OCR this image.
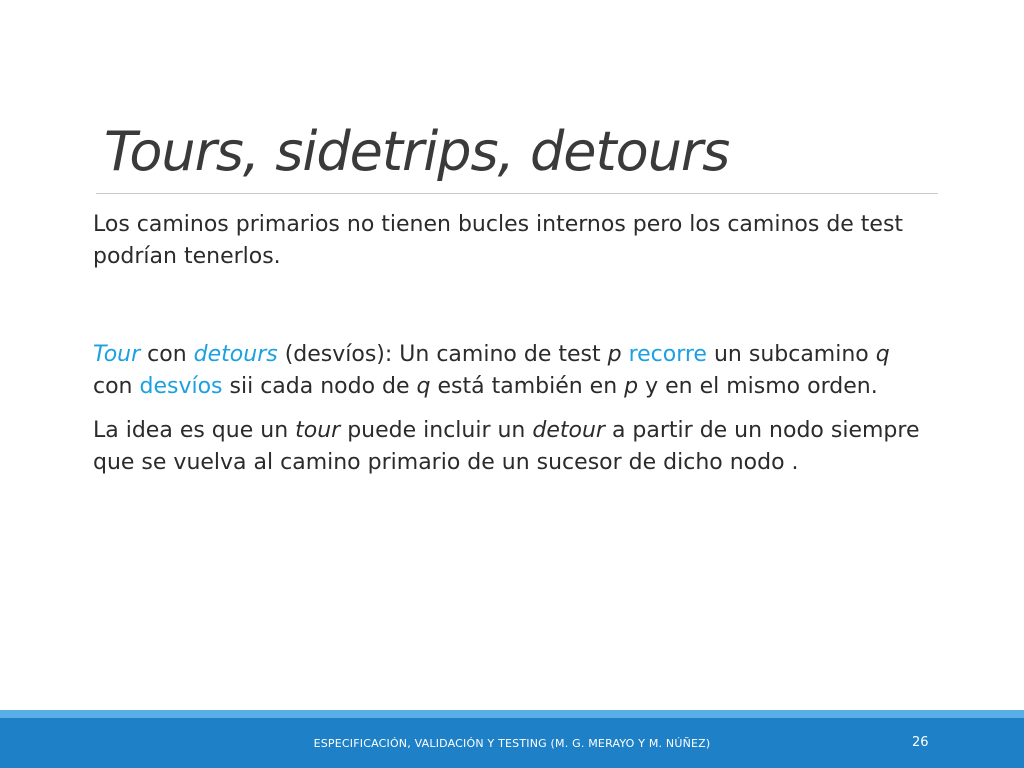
Tours, sidetrips, detours

Los caminos primarios no tienen bucles internos pero los caminos de test podrían tenerlos.

Tour con detours (desvíos): Un camino de test p recorre un subcamino q con desvíos sii cada nodo de q está también en p y en el mismo orden.

La idea es que un tour puede incluir un detour a partir de un nodo siempre que se vuelva al camino primario de un sucesor de dicho nodo .

ESPECIFICACIÓN, VALIDACIÓN Y TESTING (M. G. MERAYO Y M. NÚÑEZ)	26
